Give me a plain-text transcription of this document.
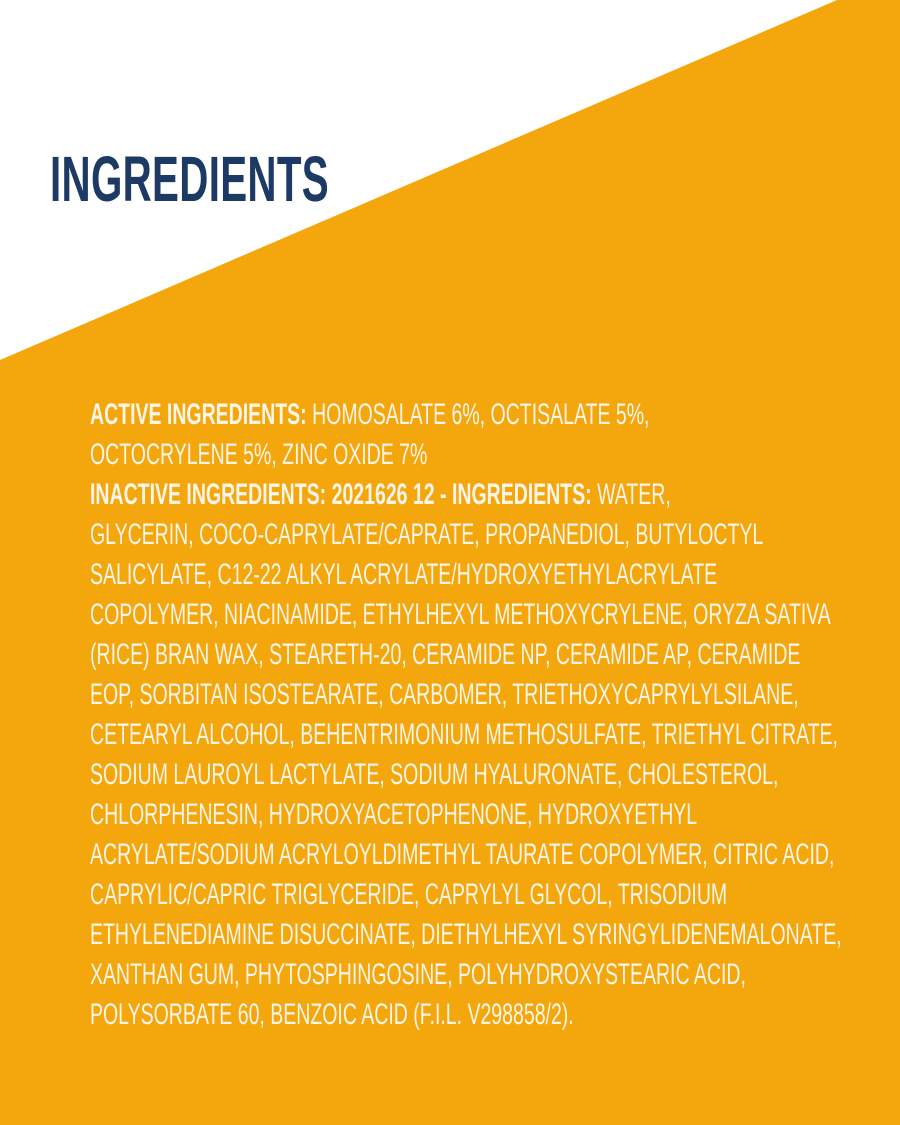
INGREDIENTS
ACTIVE INGREDIENTS: HOMOSALATE 6%, OCTISALATE 5%,
OCTOCRYLENE 5%, ZINC OXIDE 7%
INACTIVE INGREDIENTS: 2021626 12 - INGREDIENTS: WATER,
GLYCERIN, COCO-CAPRYLATE/CAPRATE, PROPANEDIOL, BUTYLOCTYL
SALICYLATE, C12-22 ALKYL ACRYLATE/HYDROXYETHYLACRYLATE
COPOLYMER, NIACINAMIDE, ETHYLHEXYL METHOXYCRYLENE, ORYZA SATIVA
(RICE) BRAN WAX, STEARETH-20, CERAMIDE NP, CERAMIDE AP, CERAMIDE
EOP, SORBITAN ISOSTEARATE, CARBOMER, TRIETHOXYCAPRYLYLSILANE,
CETEARYL ALCOHOL, BEHENTRIMONIUM METHOSULFATE, TRIETHYL CITRATE,
SODIUM LAUROYL LACTYLATE, SODIUM HYALURONATE, CHOLESTEROL,
CHLORPHENESIN, HYDROXYACETOPHENONE, HYDROXYETHYL
ACRYLATE/SODIUM ACRYLOYLDIMETHYL TAURATE COPOLYMER, CITRIC ACID,
CAPRYLIC/CAPRIC TRIGLYCERIDE, CAPRYLYL GLYCOL, TRISODIUM
ETHYLENEDIAMINE DISUCCINATE, DIETHYLHEXYL SYRINGYLIDENEMALONATE,
XANTHAN GUM, PHYTOSPHINGOSINE, POLYHYDROXYSTEARIC ACID,
POLYSORBATE 60, BENZOIC ACID (F.I.L. V298858/2).
